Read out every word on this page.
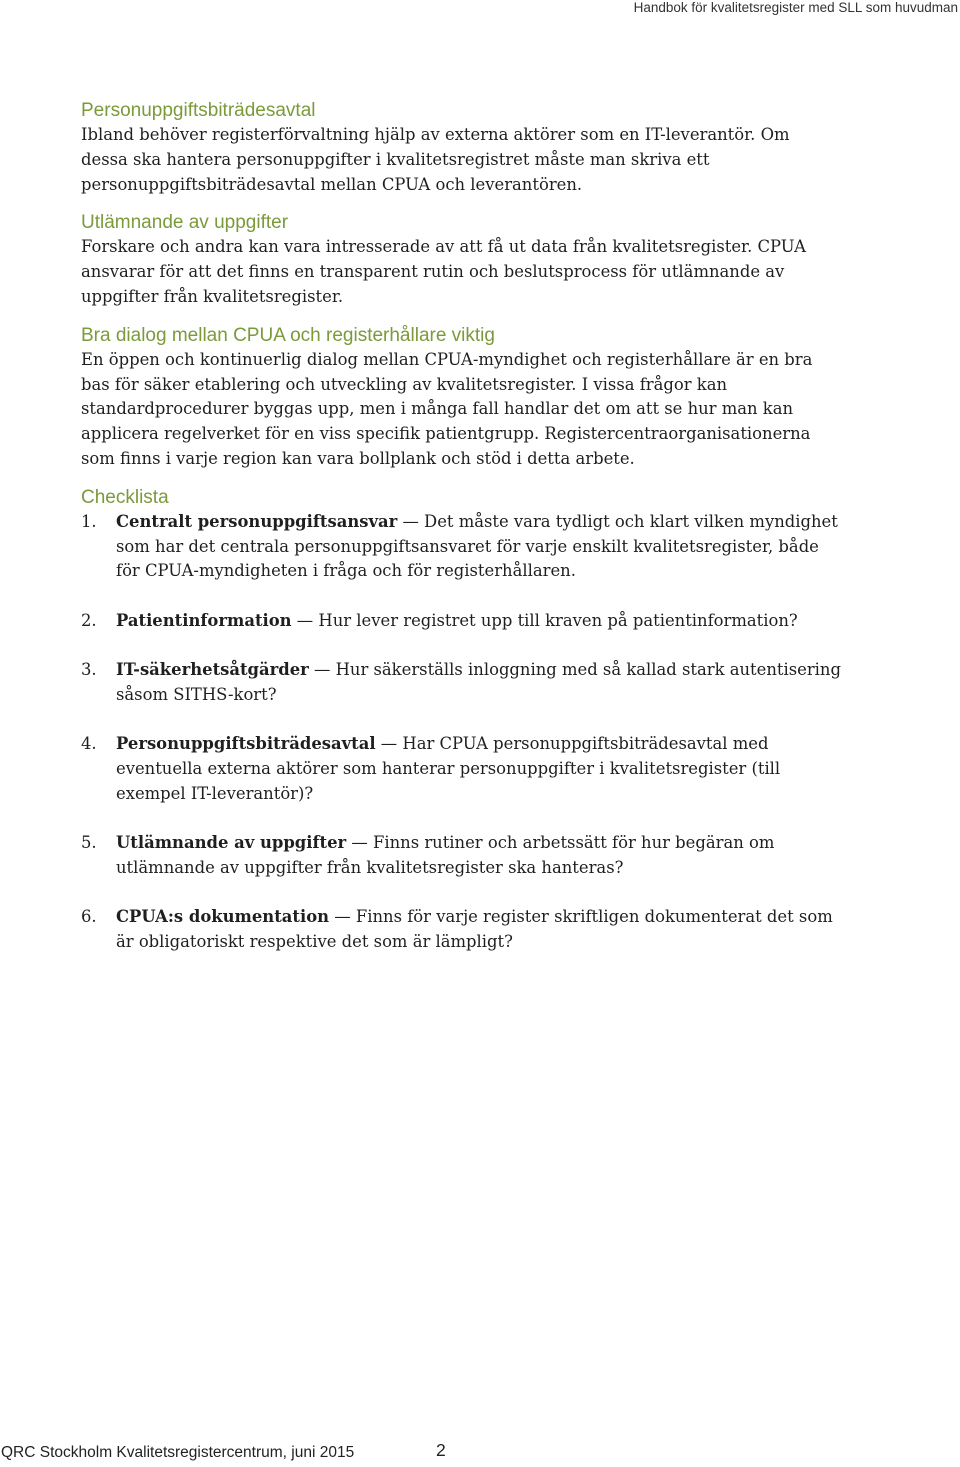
Handbok för kvalitetsregister med SLL som huvudman

Personuppgiftsbiträdesavtal

Ibland behöver registerförvaltning hjälp av externa aktörer som en IT-leverantör. Om dessa ska hantera personuppgifter i kvalitetsregistret måste man skriva ett personuppgiftsbiträdesavtal mellan CPUA och leverantören.

Utlämnande av uppgifter

Forskare och andra kan vara intresserade av att få ut data från kvalitetsregister. CPUA ansvarar för att det finns en transparent rutin och beslutsprocess för utlämnande av uppgifter från kvalitetsregister.

Bra dialog mellan CPUA och registerhållare viktig

En öppen och kontinuerlig dialog mellan CPUA-myndighet och registerhållare är en bra bas för säker etablering och utveckling av kvalitetsregister. I vissa frågor kan standardprocedurer byggas upp, men i många fall handlar det om att se hur man kan applicera regelverket för en viss specifik patientgrupp. Registercentraorganisationerna som finns i varje region kan vara bollplank och stöd i detta arbete.

Checklista
1.	Centralt personuppgiftsansvar — Det måste vara tydligt och klart vilken myndighet som har det centrala personuppgiftsansvaret för varje enskilt kvalitetsregister, både för CPUA-myndigheten i fråga och för registerhållaren.
2.	Patientinformation — Hur lever registret upp till kraven på patientinformation?
3.	IT-säkerhetsåtgärder — Hur säkerställs inloggning med så kallad stark autentisering såsom SITHS-kort?
4.	Personuppgiftsbiträdesavtal — Har CPUA personuppgiftsbiträdesavtal med eventuella externa aktörer som hanterar personuppgifter i kvalitetsregister (till exempel IT-leverantör)?
5.	Utlämnande av uppgifter — Finns rutiner och arbetssätt för hur begäran om utlämnande av uppgifter från kvalitetsregister ska hanteras?
6.	CPUA:s dokumentation — Finns för varje register skriftligen dokumenterat det som är obligatoriskt respektive det som är lämpligt?

QRC Stockholm Kvalitetsregistercentrum, juni 2015	2
